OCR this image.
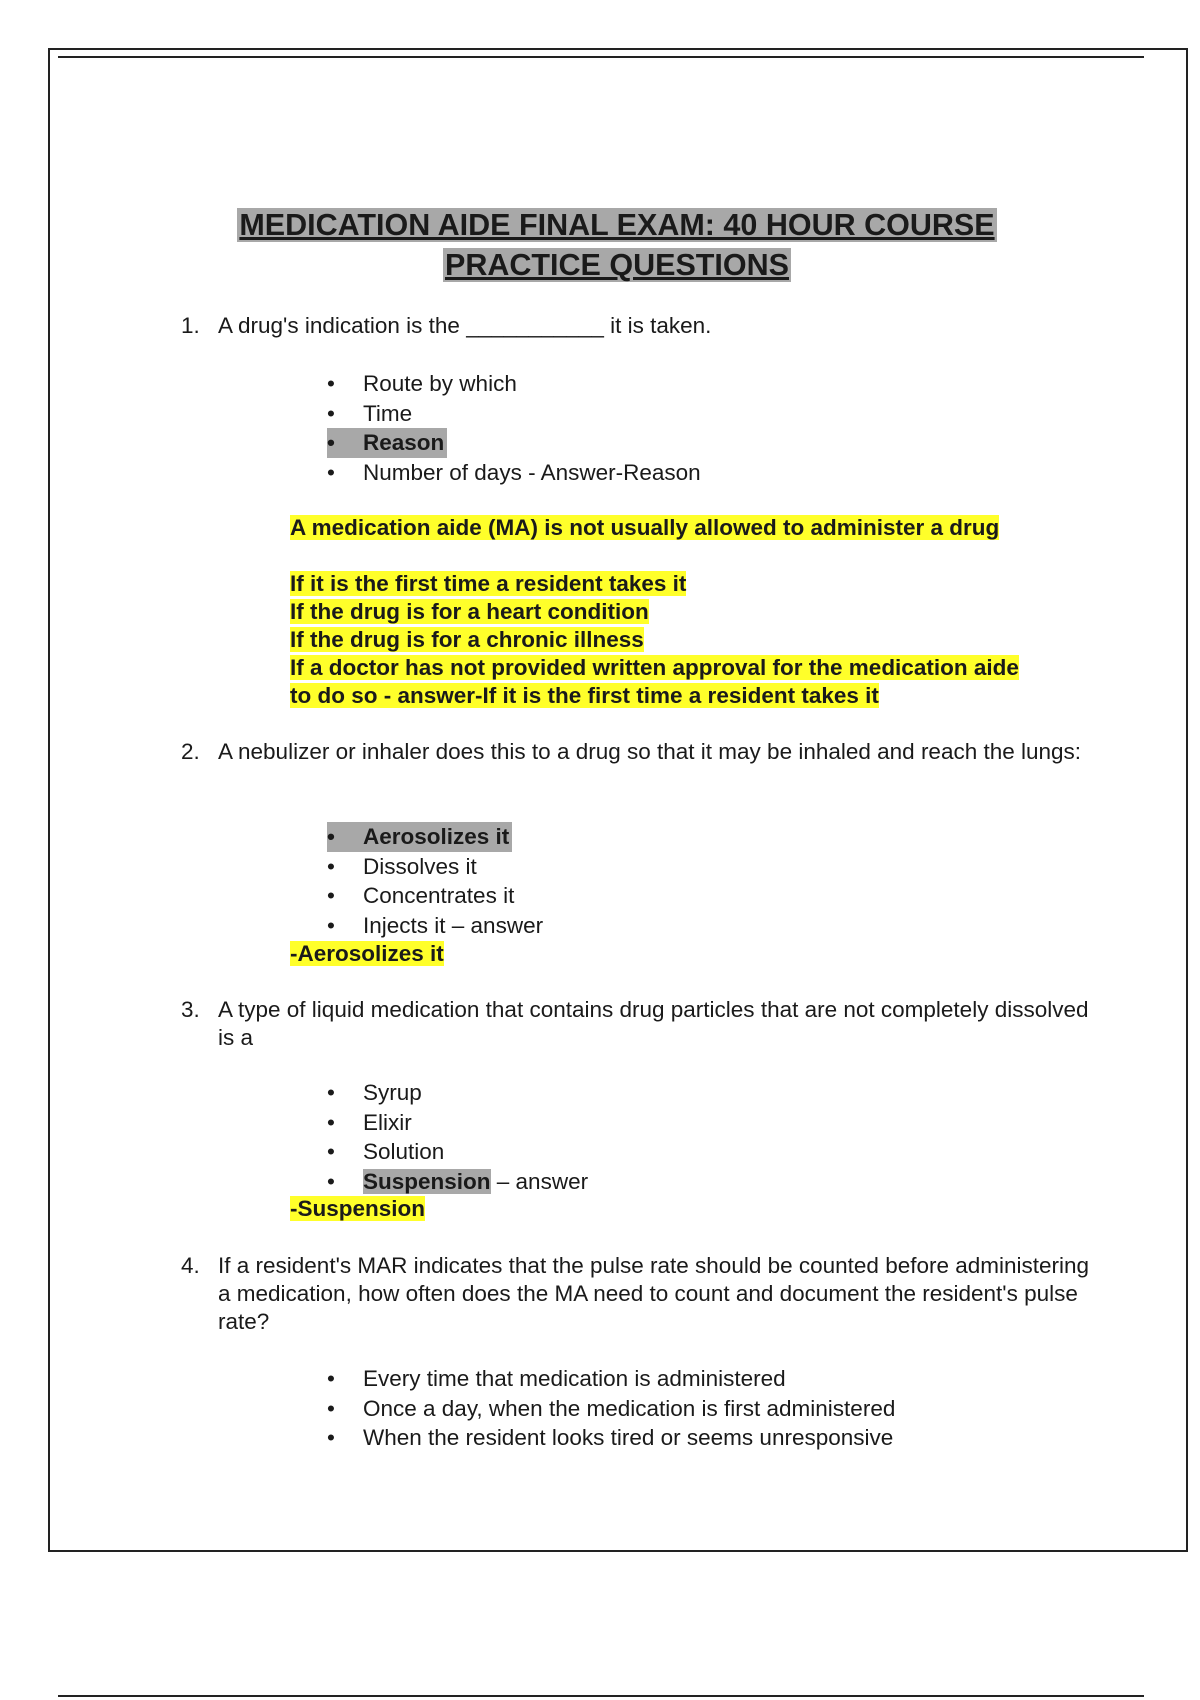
MEDICATION AIDE FINAL EXAM: 40 HOUR COURSE
PRACTICE QUESTIONS
1. A drug's indication is the ___________ it is taken.
• Route by which
• Time
• Reason
• Number of days - Answer-Reason
A medication aide (MA) is not usually allowed to administer a drug
If it is the first time a resident takes it
If the drug is for a heart condition
If the drug is for a chronic illness
If a doctor has not provided written approval for the medication aide
to do so - answer-If it is the first time a resident takes it
2. A nebulizer or inhaler does this to a drug so that it may be inhaled and reach the lungs:
• Aerosolizes it
• Dissolves it
• Concentrates it
• Injects it – answer
-Aerosolizes it
3. A type of liquid medication that contains drug particles that are not completely dissolved is a
• Syrup
• Elixir
• Solution
• Suspension – answer
-Suspension
4. If a resident's MAR indicates that the pulse rate should be counted before administering a medication, how often does the MA need to count and document the resident's pulse rate?
• Every time that medication is administered
• Once a day, when the medication is first administered
• When the resident looks tired or seems unresponsive
